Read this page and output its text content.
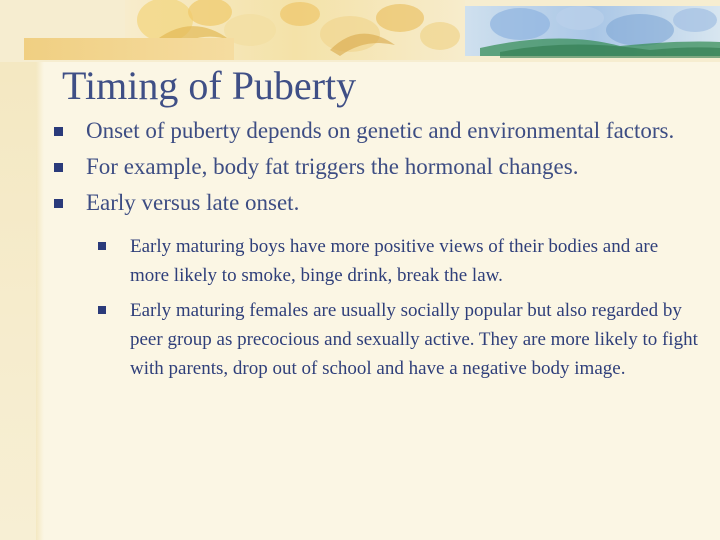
Timing of Puberty
Onset of puberty depends on genetic and environmental factors.
For example, body fat triggers the hormonal changes.
Early versus late onset.
Early maturing boys have more positive views of their bodies and are more likely to smoke, binge drink, break the law.
Early maturing females are usually socially popular but also regarded by peer group as precocious and sexually active. They are more likely to fight with parents, drop out of school and have a negative body image.
